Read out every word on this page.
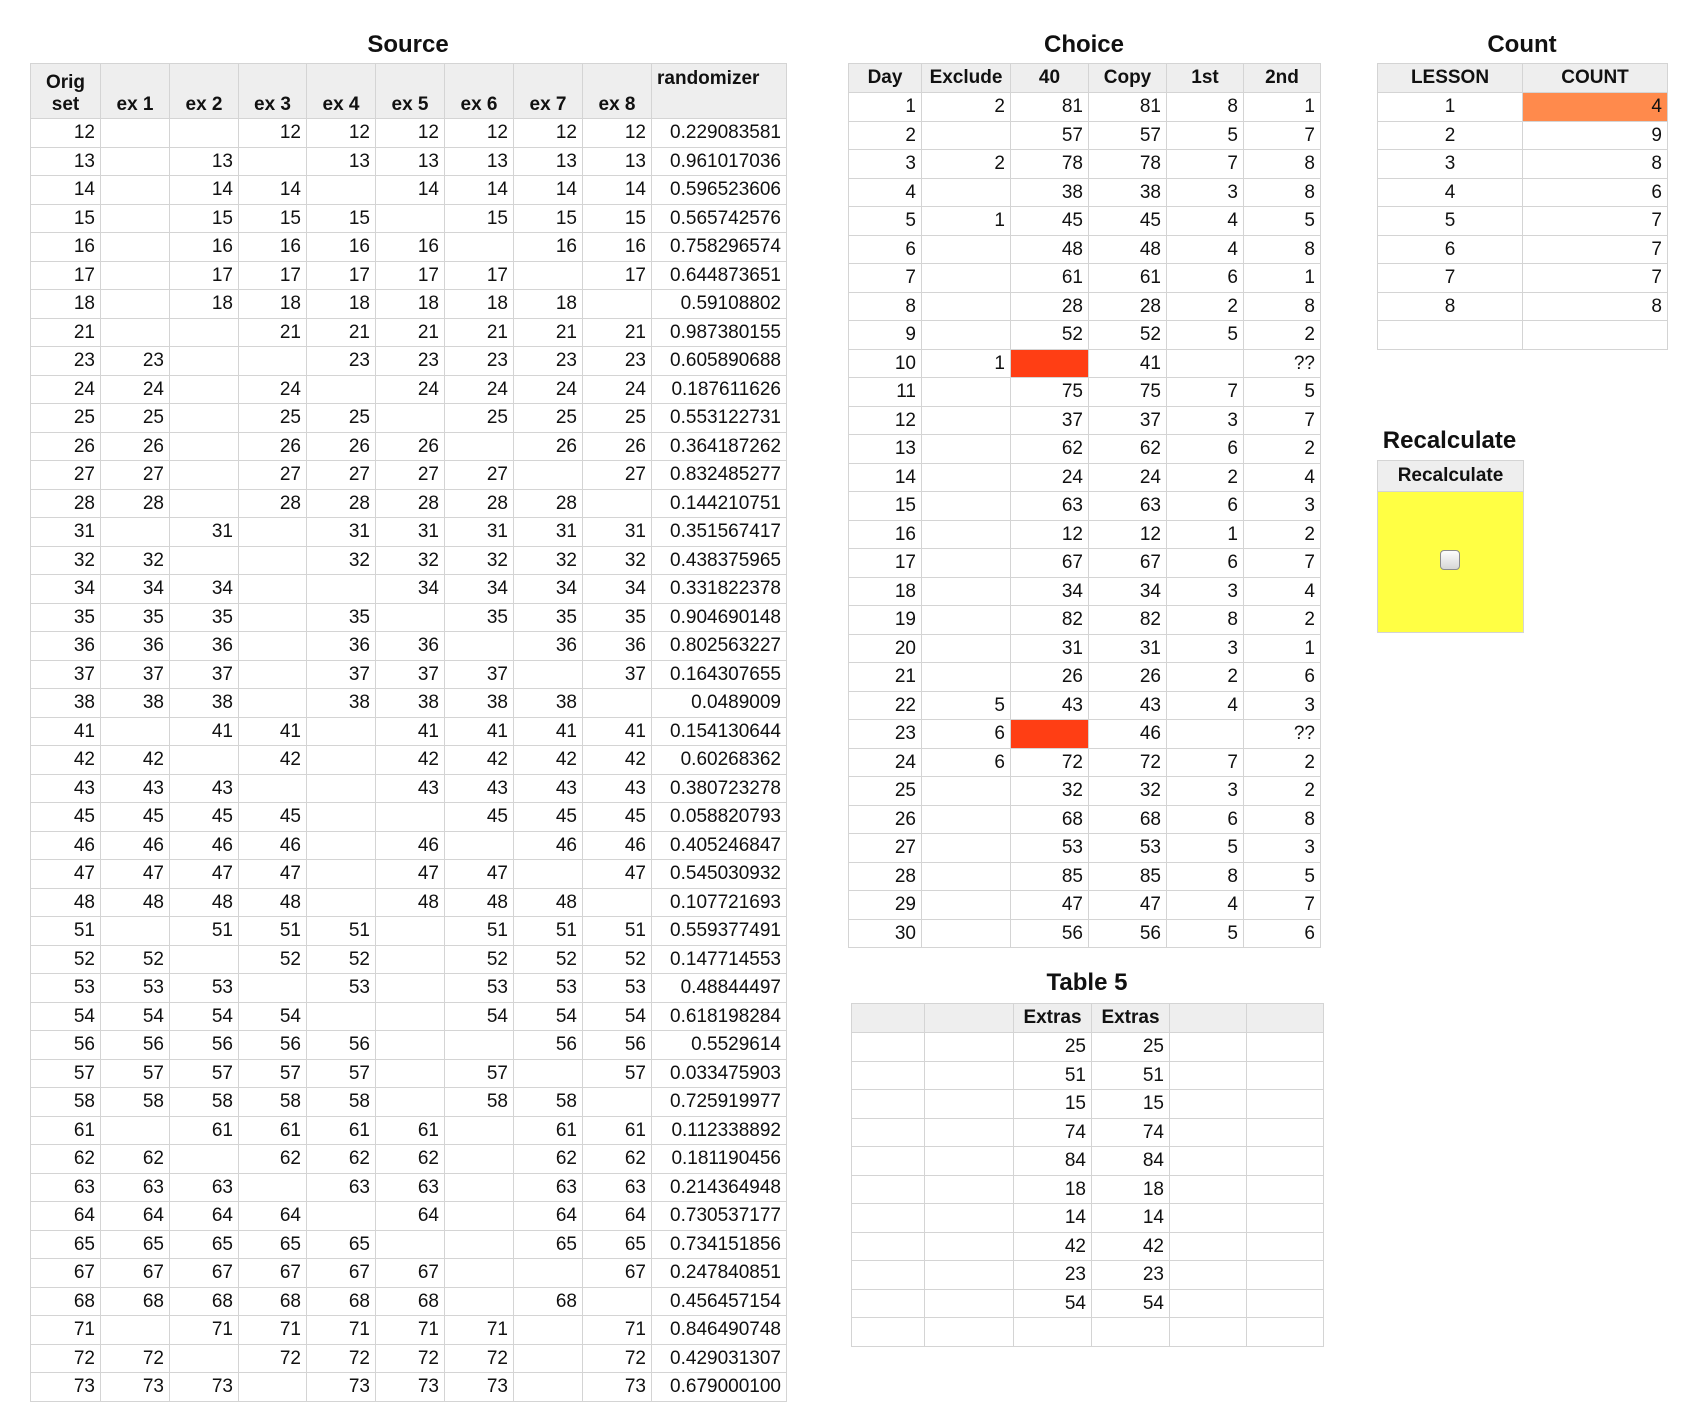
Source	Choice	Count
Recalculate
Table 5
Orig
set	ex 1	ex 2	ex 3	ex 4	ex 5	ex 6	ex 7	ex 8	randomizer

12			12	12	12	12	12	12	0.229083581
13		13		13	13	13	13	13	0.961017036
14		14	14		14	14	14	14	0.596523606
15		15	15	15		15	15	15	0.565742576
16		16	16	16	16		16	16	0.758296574
17		17	17	17	17	17		17	0.644873651
18		18	18	18	18	18	18		0.59108802
21			21	21	21	21	21	21	0.987380155
23	23			23	23	23	23	23	0.605890688
24	24		24		24	24	24	24	0.187611626
25	25		25	25		25	25	25	0.553122731
26	26		26	26	26		26	26	0.364187262
27	27		27	27	27	27		27	0.832485277
28	28		28	28	28	28	28		0.144210751
31		31		31	31	31	31	31	0.351567417
32	32			32	32	32	32	32	0.438375965
34	34	34			34	34	34	34	0.331822378
35	35	35		35		35	35	35	0.904690148
36	36	36		36	36		36	36	0.802563227
37	37	37		37	37	37		37	0.164307655
38	38	38		38	38	38	38		0.0489009
41		41	41		41	41	41	41	0.154130644
42	42		42		42	42	42	42	0.60268362
43	43	43			43	43	43	43	0.380723278
45	45	45	45			45	45	45	0.058820793
46	46	46	46		46		46	46	0.405246847
47	47	47	47		47	47		47	0.545030932
48	48	48	48		48	48	48		0.107721693
51		51	51	51		51	51	51	0.559377491
52	52		52	52		52	52	52	0.147714553
53	53	53		53		53	53	53	0.48844497
54	54	54	54			54	54	54	0.618198284
56	56	56	56	56			56	56	0.5529614
57	57	57	57	57		57		57	0.033475903
58	58	58	58	58		58	58		0.725919977
61		61	61	61	61		61	61	0.112338892
62	62		62	62	62		62	62	0.181190456
63	63	63		63	63		63	63	0.214364948
64	64	64	64		64		64	64	0.730537177
65	65	65	65	65			65	65	0.734151856
67	67	67	67	67	67			67	0.247840851
68	68	68	68	68	68		68		0.456457154
71		71	71	71	71	71		71	0.846490748
72	72		72	72	72	72		72	0.429031307
73	73	73		73	73	73		73	0.679000100
Day	Exclude	40	Copy	1st	2nd
1	2	81	81	8	1
2		57	57	5	7
3	2	78	78	7	8
4		38	38	3	8
5	1	45	45	4	5
6		48	48	4	8
7		61	61	6	1
8		28	28	2	8
9		52	52	5	2
10	1		41		??
11		75	75	7	5
12		37	37	3	7
13		62	62	6	2
14		24	24	2	4
15		63	63	6	3
16		12	12	1	2
17		67	67	6	7
18		34	34	3	4
19		82	82	8	2
20		31	31	3	1
21		26	26	2	6
22	5	43	43	4	3
23	6		46		??
24	6	72	72	7	2
25		32	32	3	2
26		68	68	6	8
27		53	53	5	3
28		85	85	8	5
29		47	47	4	7
30		56	56	5	6
LESSON	COUNT
1	4
2	9
3	8
4	6
5	7
6	7
7	7
8	8

Recalculate
		Extras	Extras		
		25	25		
		51	51		
		15	15		
		74	74		
		84	84		
		18	18		
		14	14		
		42	42		
		23	23		
		54	54		
